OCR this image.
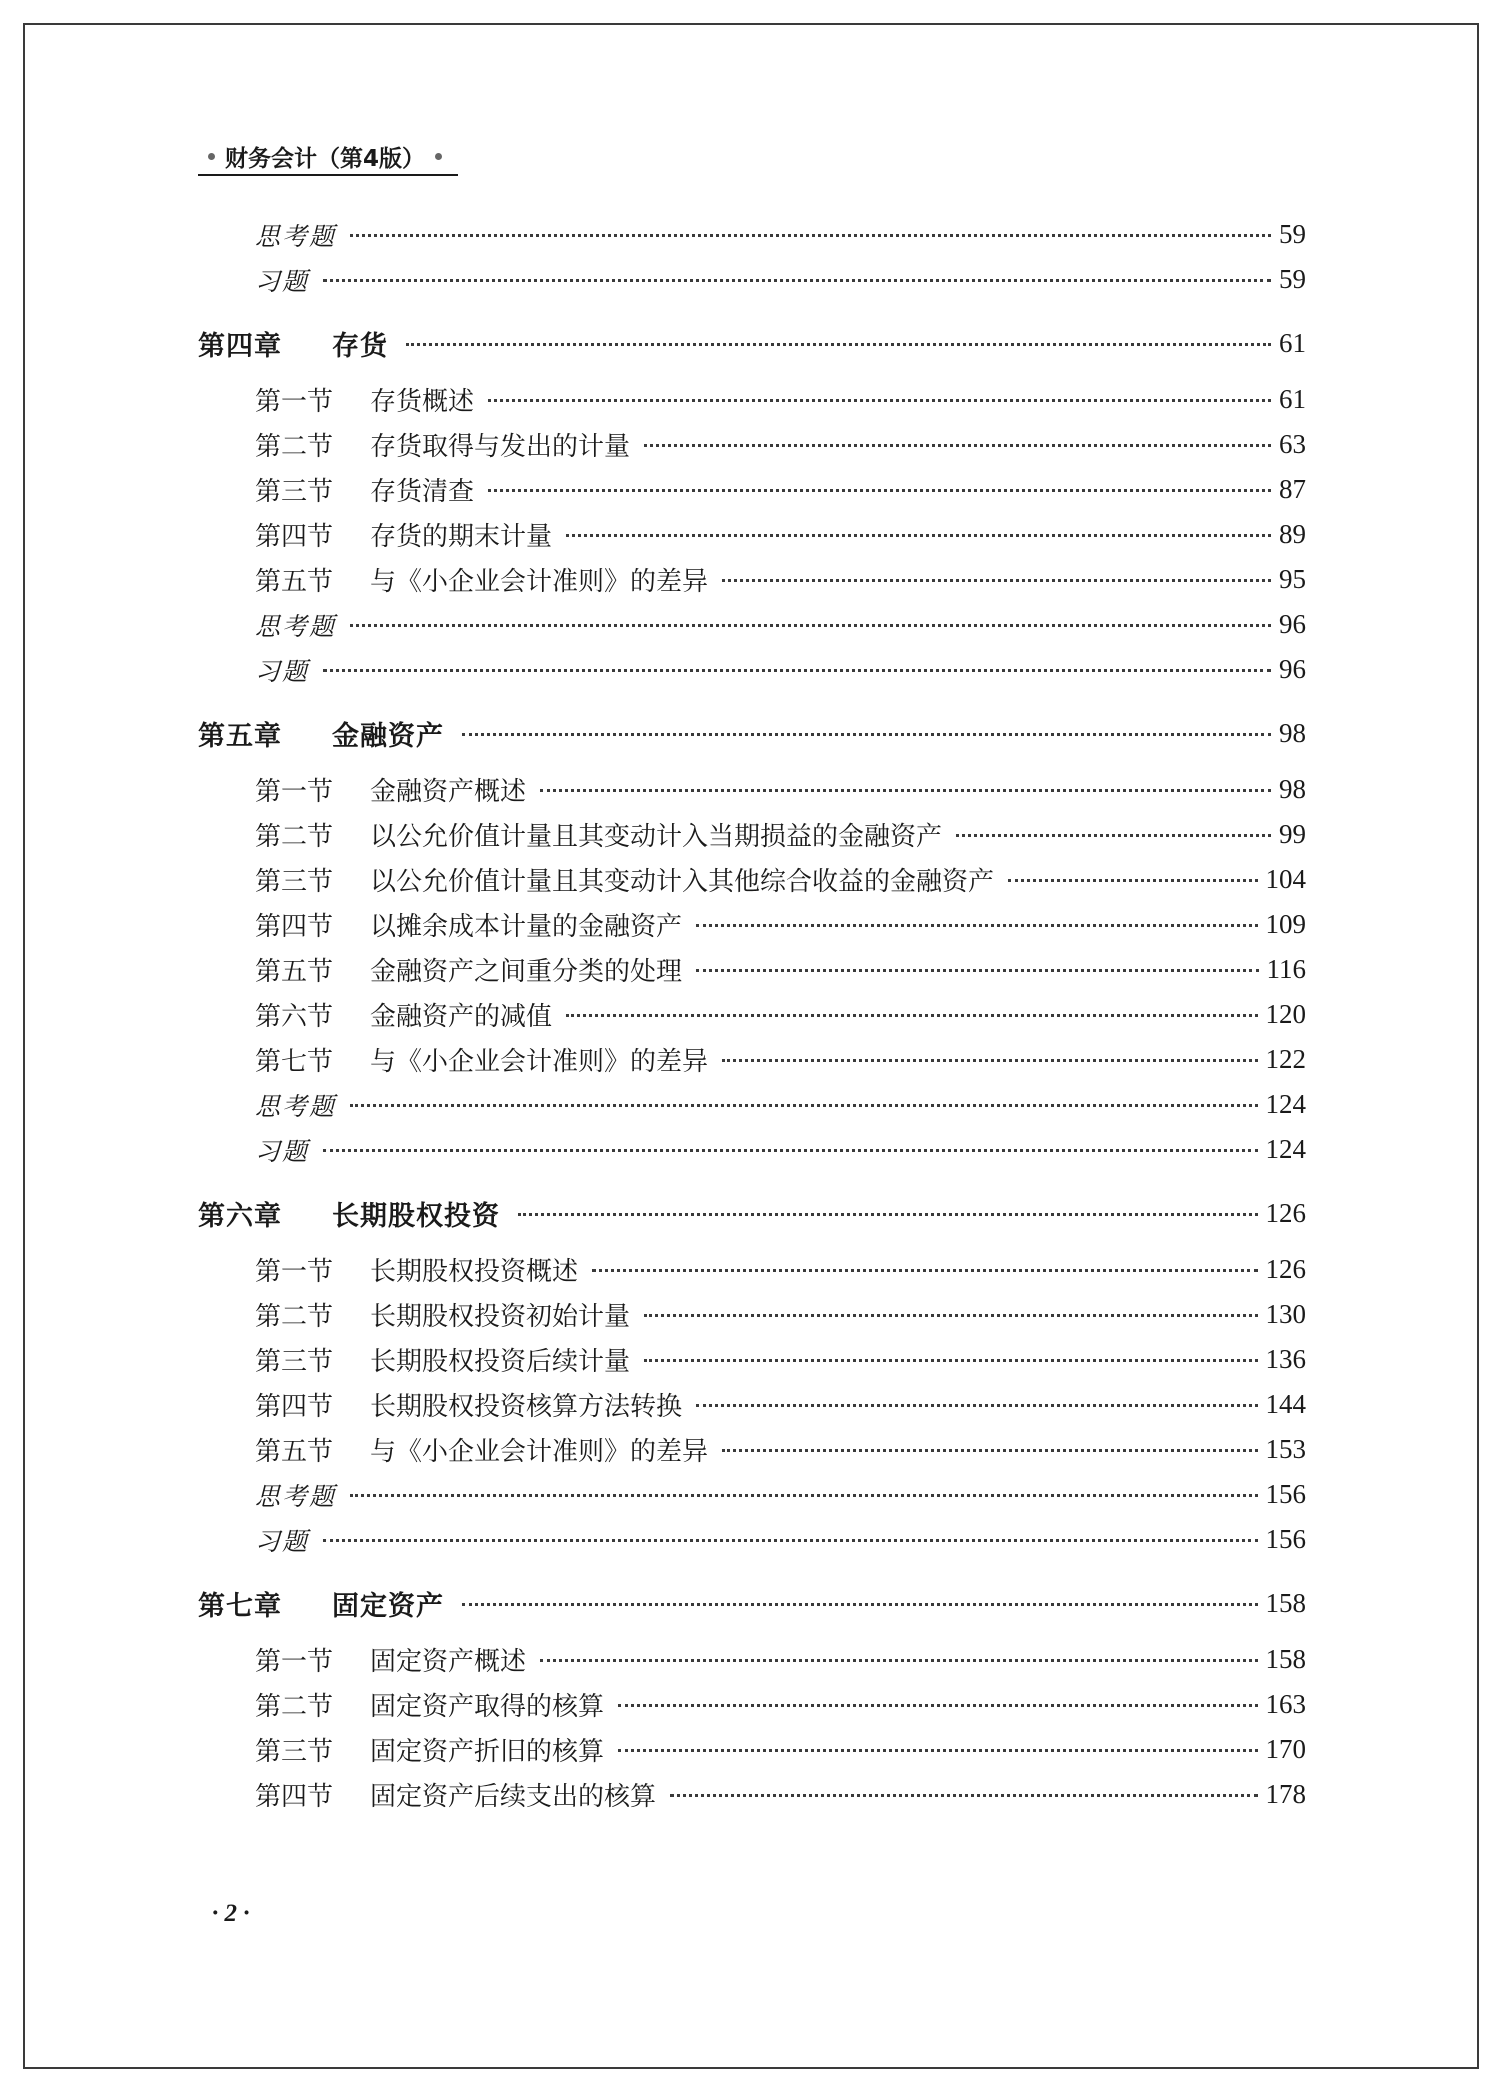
财务会计（第4版）
思考题	59
习题	59
第四章 存货	61
第一节 存货概述	61
第二节 存货取得与发出的计量	63
第三节 存货清查	87
第四节 存货的期末计量	89
第五节 与《小企业会计准则》的差异	95
思考题	96
习题	96
第五章 金融资产	98
第一节 金融资产概述	98
第二节 以公允价值计量且其变动计入当期损益的金融资产	99
第三节 以公允价值计量且其变动计入其他综合收益的金融资产	104
第四节 以摊余成本计量的金融资产	109
第五节 金融资产之间重分类的处理	116
第六节 金融资产的减值	120
第七节 与《小企业会计准则》的差异	122
思考题	124
习题	124
第六章 长期股权投资	126
第一节 长期股权投资概述	126
第二节 长期股权投资初始计量	130
第三节 长期股权投资后续计量	136
第四节 长期股权投资核算方法转换	144
第五节 与《小企业会计准则》的差异	153
思考题	156
习题	156
第七章 固定资产	158
第一节 固定资产概述	158
第二节 固定资产取得的核算	163
第三节 固定资产折旧的核算	170
第四节 固定资产后续支出的核算	178
· 2 ·
